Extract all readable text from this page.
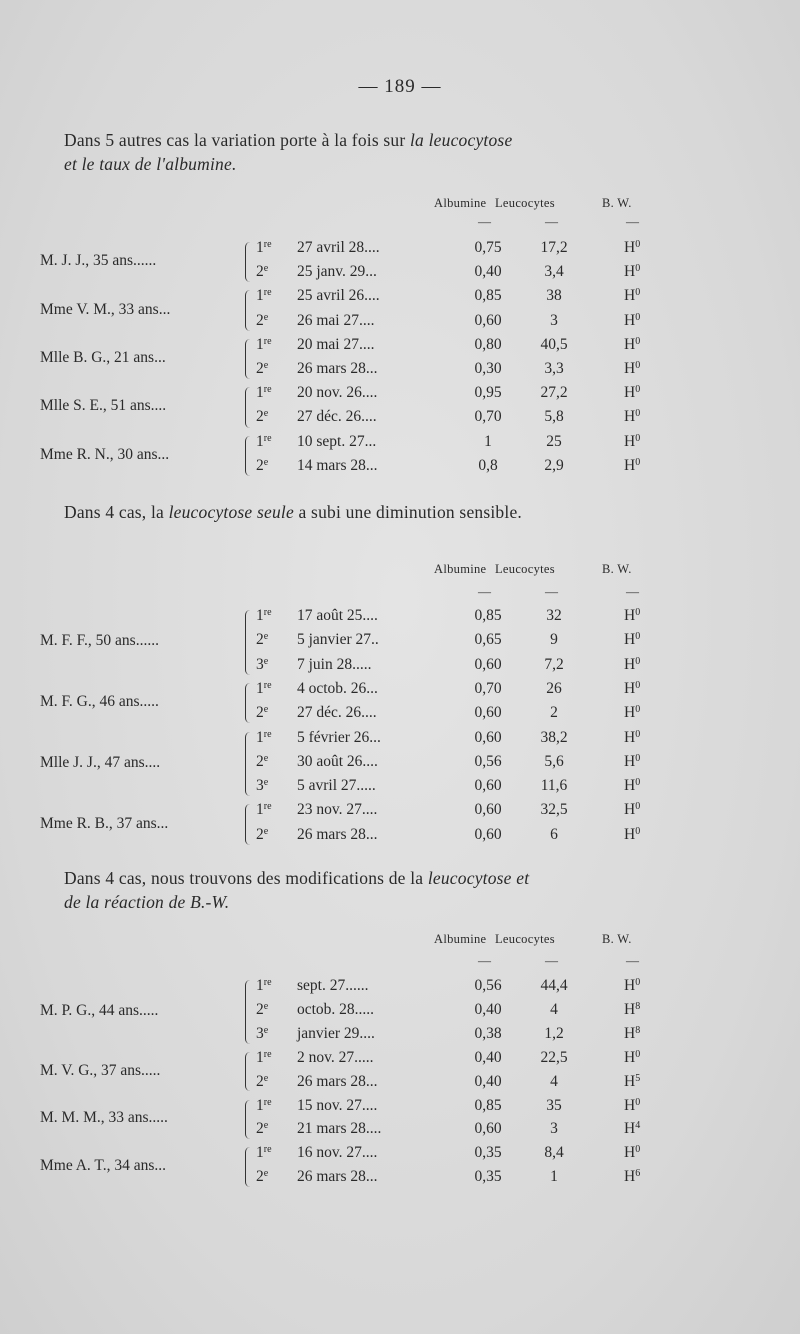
— 189 —
Dans 5 autres cas la variation porte à la fois sur la leucocytose
et le taux de l'albumine.
Dans 4 cas, la leucocytose seule a subi une diminution sensible.
Dans 4 cas, nous trouvons des modifications de la leucocytose et
de la réaction de B.-W.
Albumine Leucocytes	B. W.
—	—	—
M. J. J., 35 ans......
1re 27 avril 28....	0,75	17,2	$H^0$
2e 25 janv. 29...	0,40	3,4	$H^0$
Mme V. M., 33 ans...
1re 25 avril 26....	0,85	38	$H^0$
2e 26 mai 27....	0,60	3	$H^0$
Mlle B. G., 21 ans...
1re 20 mai 27....	0,80	40,5	$H^0$
2e 26 mars 28...	0,30	3,3	$H^0$
Mlle S. E., 51 ans....
1re 20 nov. 26....	0,95	27,2	$H^0$
2e 27 déc. 26....	0,70	5,8	$H^0$
Mme R. N., 30 ans...
1re 10 sept. 27...	1	25	$H^0$
2e 14 mars 28...	0,8	2,9	$H^0$
Albumine Leucocytes	B. W.
—	—	—
M. F. F., 50 ans......
1re 17 août 25....	0,85	32	$H^0$
2e 5 janvier 27..	0,65	9	$H^0$
3e 7 juin 28.....	0,60	7,2	$H^0$
M. F. G., 46 ans.....
1re 4 octob. 26...	0,70	26	$H^0$
2e 27 déc. 26....	0,60	2	$H^0$
Mlle J. J., 47 ans....
1re 5 février 26...	0,60	38,2	$H^0$
2e 30 août 26....	0,56	5,6	$H^0$
3e 5 avril 27.....	0,60	11,6	$H^0$
Mme R. B., 37 ans...
1re 23 nov. 27....	0,60	32,5	$H^0$
2e 26 mars 28...	0,60	6	$H^0$
Albumine Leucocytes	B. W.
—	—	—
M. P. G., 44 ans.....
1re sept. 27......	0,56	44,4	$H^0$
2e octob. 28.....	0,40	4	$H^8$
3e janvier 29....	0,38	1,2	$H^8$
M. V. G., 37 ans.....
1re 2 nov. 27.....	0,40	22,5	$H^0$
2e 26 mars 28...	0,40	4	$H^5$
M. M. M., 33 ans.....
1re 15 nov. 27....	0,85	35	$H^0$
2e 21 mars 28....	0,60	3	$H^4$
Mme A. T., 34 ans...
1re 16 nov. 27....	0,35	8,4	$H^0$
2e 26 mars 28...	0,35	1	$H^6$
